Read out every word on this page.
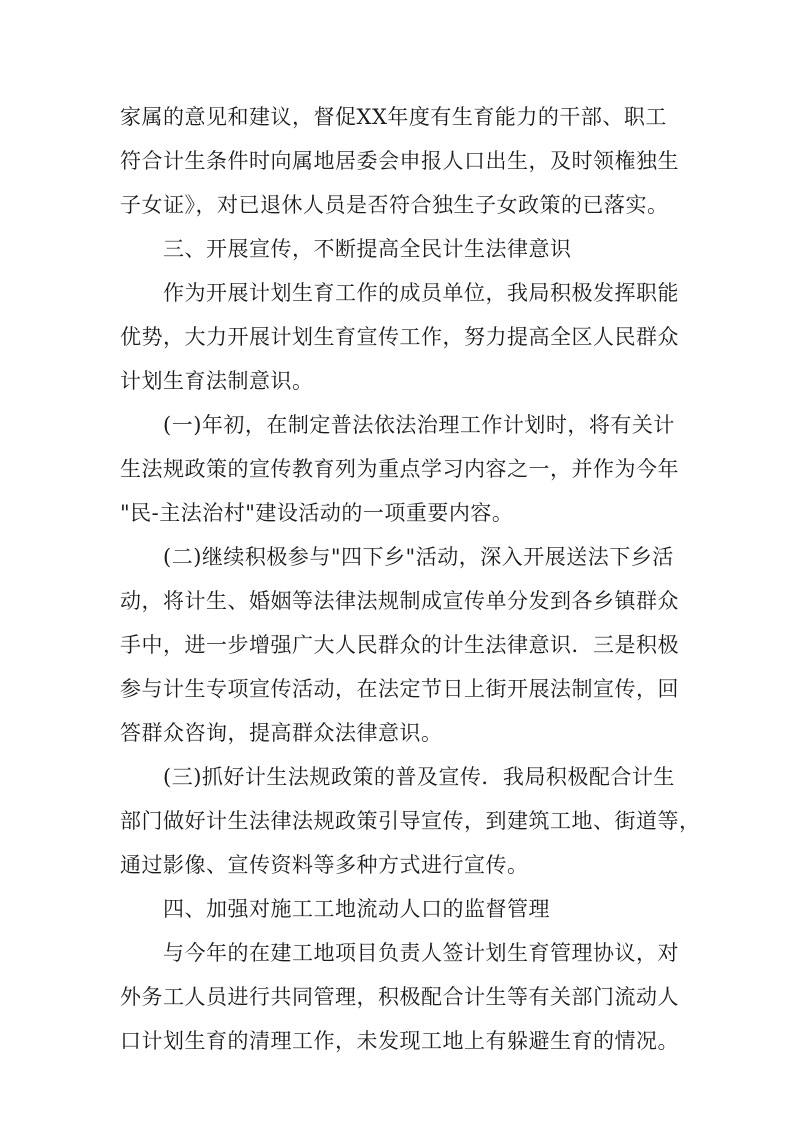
家属的意见和建议，督促XX年度有生育能力的干部、职工
符合计生条件时向属地居委会申报人口出生，及时领権独生
子女证》，对已退休人员是否符合独生子女政策的已落实。
三、开展宣传，不断提高全民计生法律意识
作为开展计划生育工作的成员单位，我局积极发挥职能
优势，大力开展计划生育宣传工作，努力提高全区人民群众
计划生育法制意识。
(一)年初，在制定普法依法治理工作计划时，将有关计
生法规政策的宣传教育列为重点学习内容之一，并作为今年
"民-主法治村"建设活动的一项重要内容。
(二)继续积极参与"四下乡"活动，深入开展送法下乡活
动，将计生、婚姻等法律法规制成宣传单分发到各乡镇群众
手中，进一步增强广大人民群众的计生法律意识．三是积极
参与计生专项宣传活动，在法定节日上街开展法制宣传，回
答群众咨询，提高群众法律意识。
(三)抓好计生法规政策的普及宣传．我局积极配合计生
部门做好计生法律法规政策引导宣传，到建筑工地、街道等，
通过影像、宣传资料等多种方式进行宣传。
四、加强对施工工地流动人口的监督管理
与今年的在建工地项目负责人签计划生育管理协议，对
外务工人员进行共同管理，积极配合计生等有关部门流动人
口计划生育的清理工作，未发现工地上有躲避生育的情况。
